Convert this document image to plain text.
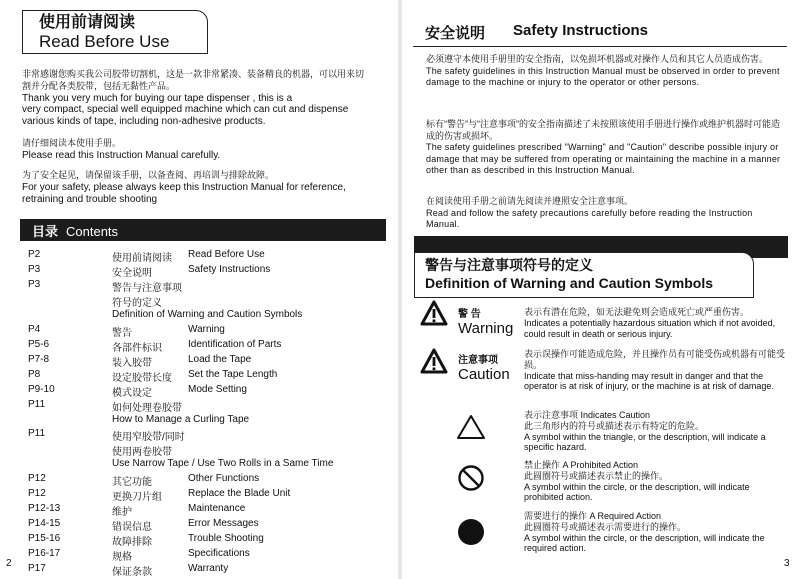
使用前请阅读
Read Before Use

非常感谢您购买我公司胶带切割机，这是一款非常紧凑、装备精良的机器，可以用来切

割并分配各类胶带，包括无黏性产品。

Thank you very much for buying our tape dispenser , this is a

very compact, special well equipped machine which can cut and dispense

various kinds of tape, including non-adhesive products.

请仔细阅读本使用手册。

Please read this Instruction Manual carefully.

为了安全起见，请保留该手册，以备查阅、再培训与排除故障。

For your safety, please always keep this Instruction Manual for reference,

retraining and trouble shooting

目录 Contents
P2	使用前请阅读	Read Before Use
P3	安全说明	Safety Instructions
P3	警告与注意事项符号的定义	
	Definition of Warning and Caution Symbols	
P4	警告	Warning
P5-6	各部件标识	Identification of Parts
P7-8	装入胶带	Load the Tape
P8	设定胶带长度	Set the Tape Length
P9-10	模式设定	Mode Setting
P11	如何处理卷胶带	
	How to Manage a Curling Tape	
P11	使用窄胶带/同时使用两卷胶带	
	Use Narrow Tape / Use Two Rolls in a Same Time	
P12	其它功能	Other Functions
P12	更换刀片组	Replace the Blade Unit
P12-13	维护	Maintenance
P14-15	错误信息	Error Messages
P15-16	故障排除	Trouble Shooting
P16-17	规格	Specifications
P17	保证条款	Warranty
2
安全说明 Safety Instructions

必须遵守本使用手册里的安全指南，以免损坏机器或对操作人员和其它人员造成伤害。

The safety guidelines in this Instruction Manual must be observed in order to prevent damage to the machine or injury to the operator or other persons.

标有“警告”与“注意事项”的安全指南描述了未按照该使用手册进行操作或维护机器时可能造成的伤害或损坏。

The safety guidelines prescribed "Warning" and "Caution" describe possible injury or damage that may be suffered from operating or maintaining the machine in a manner other than as described in this Instruction Manual.

在阅读使用手册之前请先阅读并遵照安全注意事项。

Read and follow the safety precautions carefully before reading the Instruction Manual.

警告与注意事项符号的定义
Definition of Warning and Caution Symbols
警 告
Warning

表示有潜在危险，如无法避免则会造成死亡或严重伤害。

Indicates a potentially hazardous situation which if not avoided, could result in death or serious injury.

注意事项
Caution

表示误操作可能造成危险，并且操作员有可能受伤或机器有可能受损。

Indicate that miss-handing may result in danger and that the operator is at risk of injury, or the machine is at risk of damage.

表示注意事项 Indicates Caution

此三角形内的符号或描述表示有特定的危险。

A symbol within the triangle, or the description, will indicate a specific hazard.

禁止操作 A Prohibited Action

此圆圈符号或描述表示禁止的操作。

A symbol within the circle, or the description, will indicate prohibited action.

需要进行的操作 A Required Action

此圆圈符号或描述表示需要进行的操作。

A symbol within the circle, or the description, will indicate the required action.

3
